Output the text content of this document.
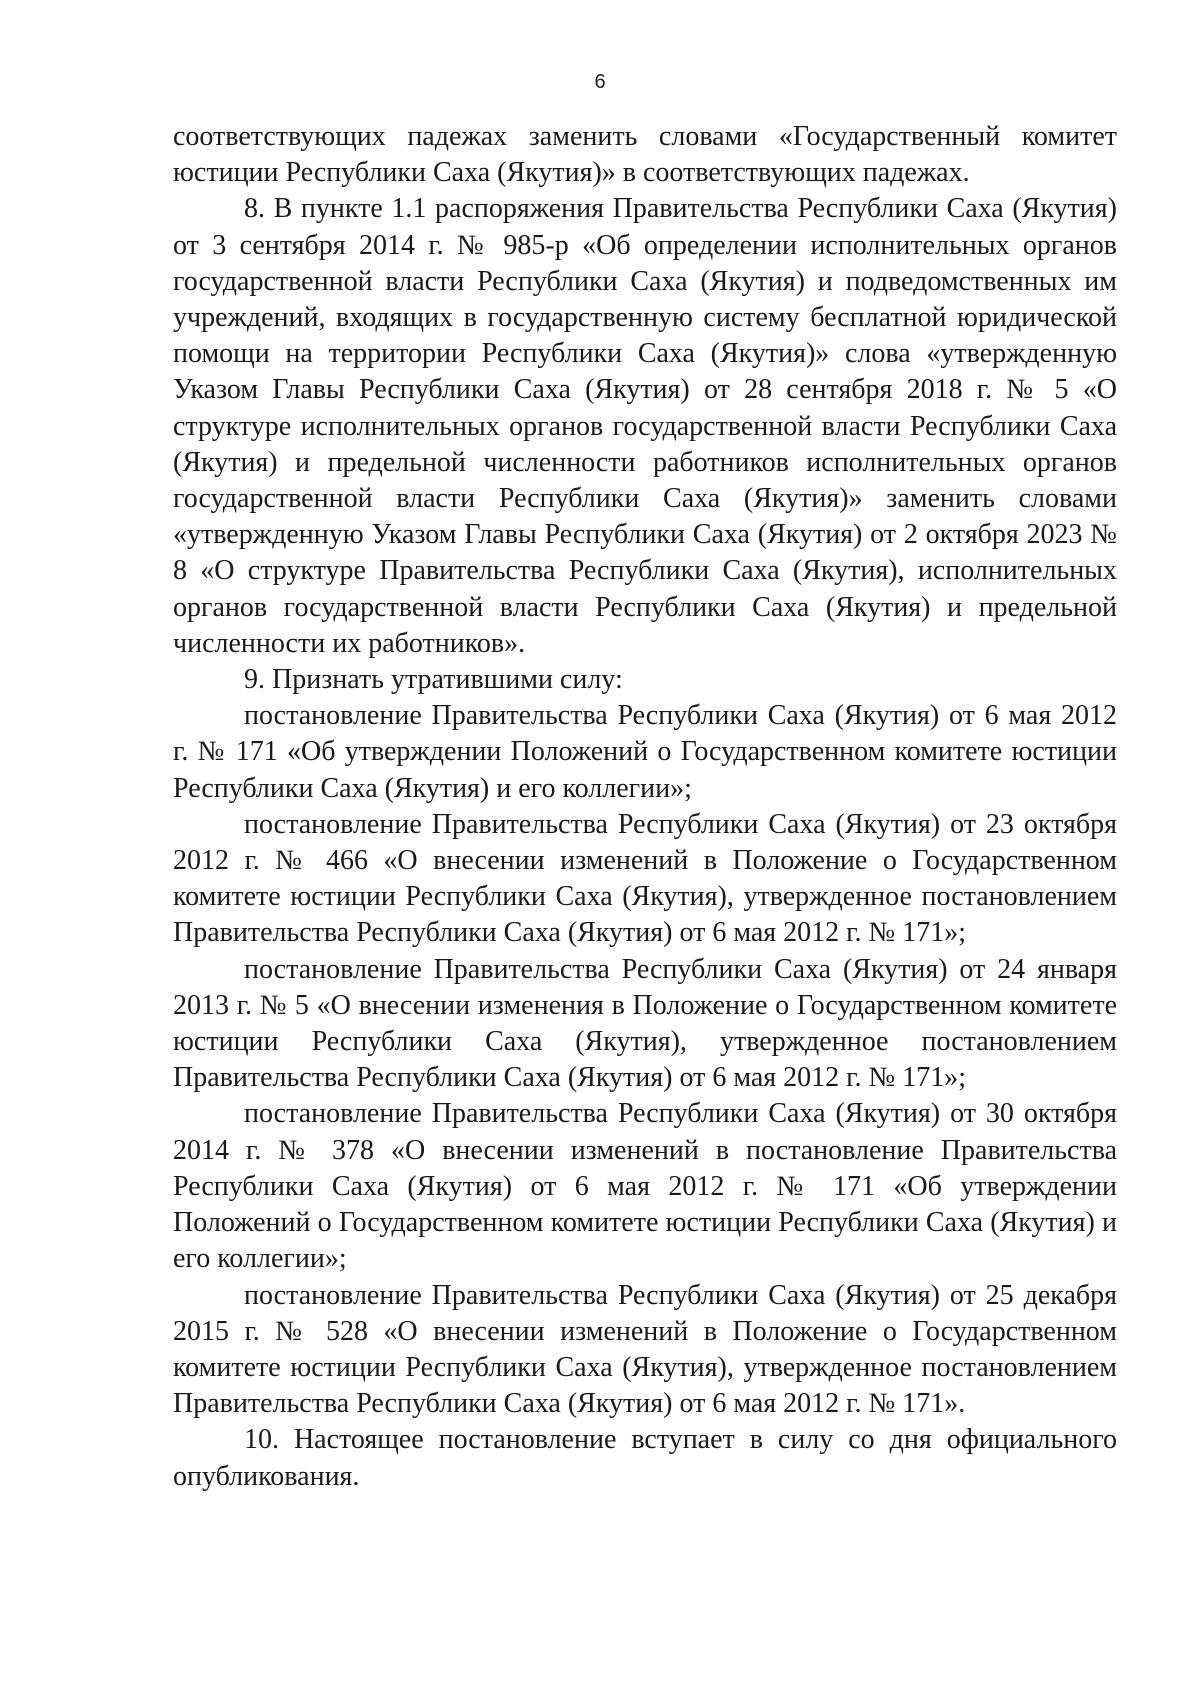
6

соответствующих падежах заменить словами «Государственный комитет юстиции Республики Саха (Якутия)» в соответствующих падежах.

8. В пункте 1.1 распоряжения Правительства Республики Саха (Якутия) от 3 сентября 2014 г. № 985-р «Об определении исполнительных органов государственной власти Республики Саха (Якутия) и подведомственных им учреждений, входящих в государственную систему бесплатной юридической помощи на территории Республики Саха (Якутия)» слова «утвержденную Указом Главы Республики Саха (Якутия) от 28 сентября 2018 г. № 5 «О структуре исполнительных органов государственной власти Республики Саха (Якутия) и предельной численности работников исполнительных органов государственной власти Республики Саха (Якутия)» заменить словами «утвержденную Указом Главы Республики Саха (Якутия) от 2 октября 2023 № 8 «О структуре Правительства Республики Саха (Якутия), исполнительных органов государственной власти Республики Саха (Якутия) и предельной численности их работников».

9. Признать утратившими силу:

постановление Правительства Республики Саха (Якутия) от 6 мая 2012 г. № 171 «Об утверждении Положений о Государственном комитете юстиции Республики Саха (Якутия) и его коллегии»;

постановление Правительства Республики Саха (Якутия) от 23 октября 2012 г. № 466 «О внесении изменений в Положение о Государственном комитете юстиции Республики Саха (Якутия), утвержденное постановлением Правительства Республики Саха (Якутия) от 6 мая 2012 г. № 171»;

постановление Правительства Республики Саха (Якутия) от 24 января 2013 г. № 5 «О внесении изменения в Положение о Государственном комитете юстиции Республики Саха (Якутия), утвержденное постановлением Правительства Республики Саха (Якутия) от 6 мая 2012 г. № 171»;

постановление Правительства Республики Саха (Якутия) от 30 октября 2014 г. № 378 «О внесении изменений в постановление Правительства Республики Саха (Якутия) от 6 мая 2012 г. № 171 «Об утверждении Положений о Государственном комитете юстиции Республики Саха (Якутия) и его коллегии»;

постановление Правительства Республики Саха (Якутия) от 25 декабря 2015 г. № 528 «О внесении изменений в Положение о Государственном комитете юстиции Республики Саха (Якутия), утвержденное постановлением Правительства Республики Саха (Якутия) от 6 мая 2012 г. № 171».

10. Настоящее постановление вступает в силу со дня официального опубликования.
